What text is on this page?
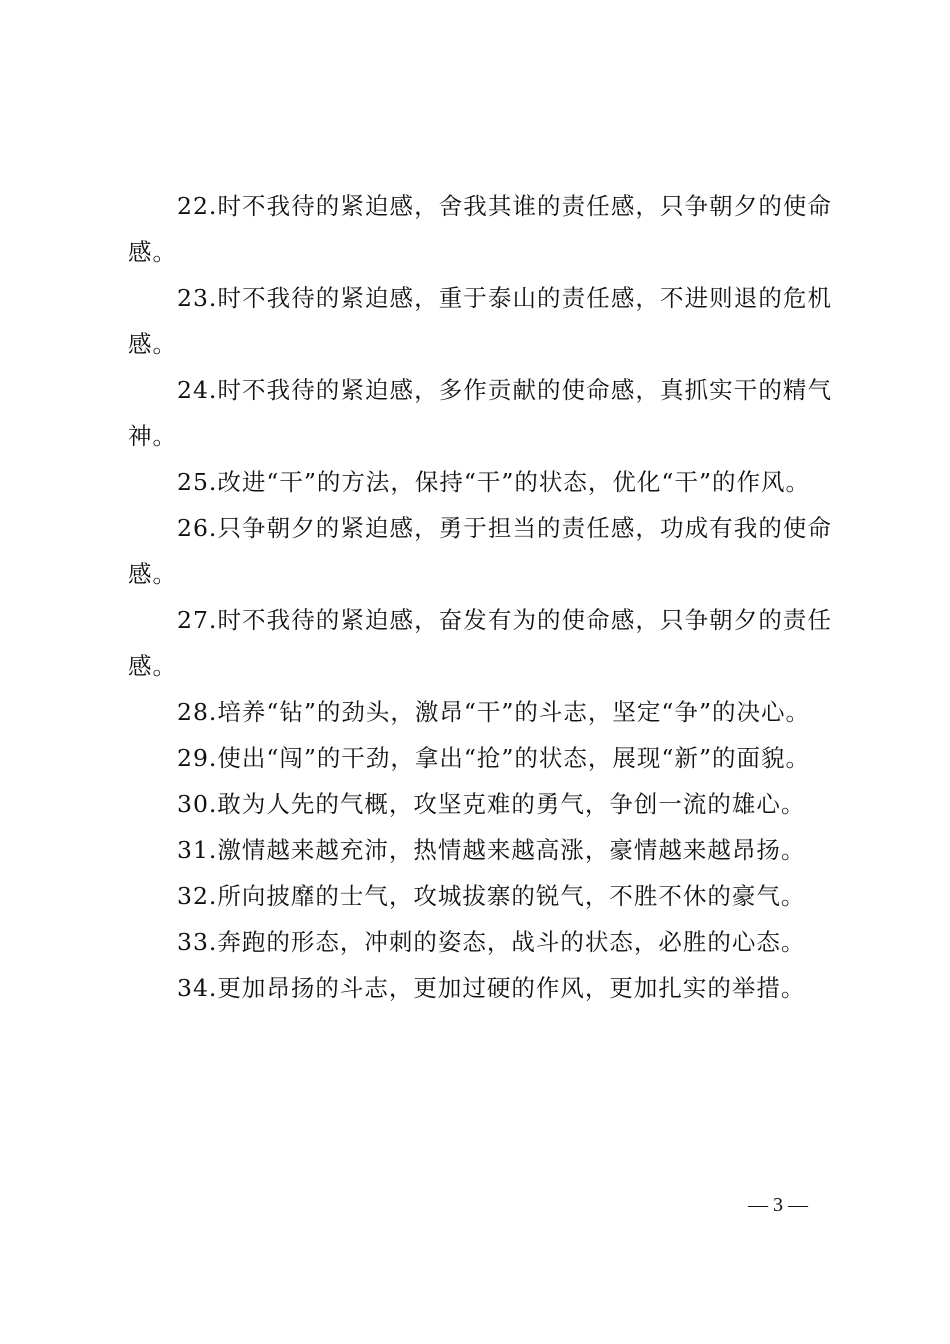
22.时不我待的紧迫感，舍我其谁的责任感，只争朝夕的使命感。

23.时不我待的紧迫感，重于泰山的责任感，不进则退的危机感。

24.时不我待的紧迫感，多作贡献的使命感，真抓实干的精气神。

25.改进“干”的方法，保持“干”的状态，优化“干”的作风。

26.只争朝夕的紧迫感，勇于担当的责任感，功成有我的使命感。

27.时不我待的紧迫感，奋发有为的使命感，只争朝夕的责任感。

28.培养“钻”的劲头，激昂“干”的斗志，坚定“争”的决心。

29.使出“闯”的干劲，拿出“抢”的状态，展现“新”的面貌。

30.敢为人先的气概，攻坚克难的勇气，争创一流的雄心。

31.激情越来越充沛，热情越来越高涨，豪情越来越昂扬。

32.所向披靡的士气，攻城拔寨的锐气，不胜不休的豪气。

33.奔跑的形态，冲刺的姿态，战斗的状态，必胜的心态。

34.更加昂扬的斗志，更加过硬的作风，更加扎实的举措。

— 3 —
